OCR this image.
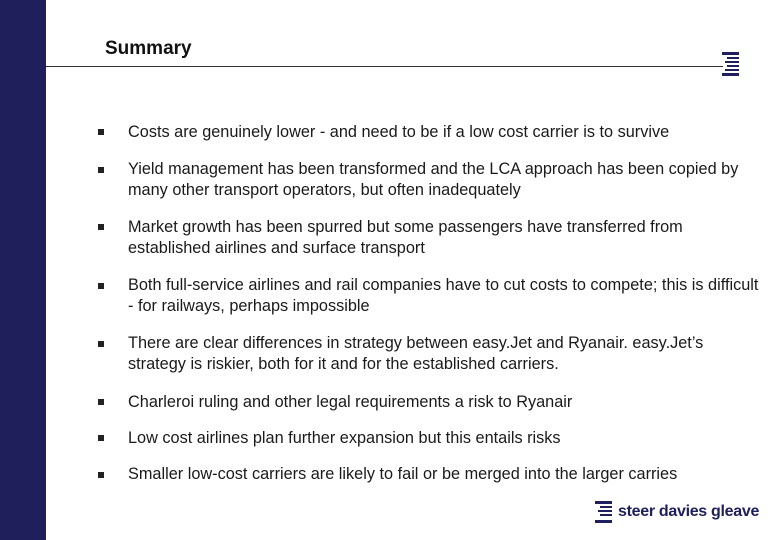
Summary
Costs are genuinely lower - and need to be if a low cost carrier is to survive
Yield management has been transformed and the LCA approach has been copied by many other transport operators, but often inadequately
Market growth has been spurred but some passengers have transferred from established airlines and surface transport
Both full-service airlines and rail companies have to cut costs to compete; this is difficult - for railways, perhaps impossible
There are clear differences in strategy between easy.Jet and Ryanair. easy.Jet’s strategy is riskier, both for it and for the established carriers.
Charleroi ruling and other legal requirements a risk to Ryanair
Low cost airlines plan further expansion but this entails risks
Smaller low-cost carriers are likely to fail or be merged into the larger carries
steer davies gleave
